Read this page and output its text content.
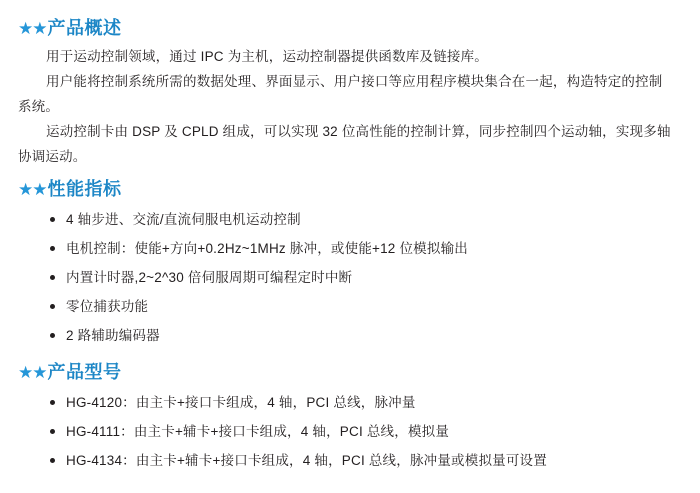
★★ 产品概述

用于运动控制领域，通过 IPC 为主机，运动控制器提供函数库及链接库。

用户能将控制系统所需的数据处理、界面显示、用户接口等应用程序模块集合在一起，构造特定的控制系统。

运动控制卡由 DSP 及 CPLD 组成，可以实现 32 位高性能的控制计算，同步控制四个运动轴，实现多轴协调运动。

★★ 性能指标
4 轴步进、交流/直流伺服电机运动控制
电机控制：使能+方向+0.2Hz~1MHz 脉冲，或使能+12 位模拟输出
内置计时器,2~2^30 倍伺服周期可编程定时中断
零位捕获功能
2 路辅助编码器
★★ 产品型号
HG-4120：由主卡+接口卡组成，4 轴，PCI 总线，脉冲量
HG-4111：由主卡+辅卡+接口卡组成，4 轴，PCI 总线，模拟量
HG-4134：由主卡+辅卡+接口卡组成，4 轴，PCI 总线，脉冲量或模拟量可设置
